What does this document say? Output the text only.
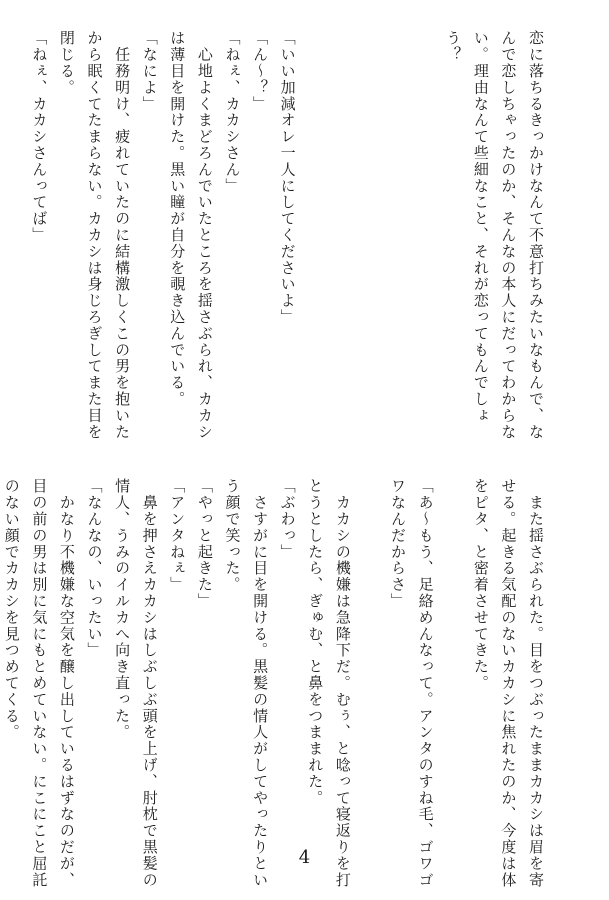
恋に落ちるきっかけなんて不意打ちみたいなもんで、な
んで恋しちゃったのか、そんなの本人にだってわからな
い。理由なんて些細なこと、それが恋ってもんでしょ
う？
「いい加減オレ一人にしてくださいよ」
「ん〜？」
「ねぇ、カカシさん」
　心地よくまどろんでいたところを揺さぶられ、カカシ
は薄目を開けた。黒い瞳が自分を覗き込んでいる。
「なによ」
　任務明け、疲れていたのに結構激しくこの男を抱いた
から眠くてたまらない。カカシは身じろぎしてまた目を
閉じる。
「ねぇ、カカシさんってば」
　また揺さぶられた。目をつぶったままカカシは眉を寄
せる。起きる気配のないカカシに焦れたのか、今度は体
をピタ、と密着させてきた。
「あ〜もう、足絡めんなって。アンタのすね毛、ゴワゴ
ワなんだからさ」
　カカシの機嫌は急降下だ。むぅ、と唸って寝返りを打
とうとしたら、ぎゅむ、と鼻をつままれた。
「ぶわっ」
　さすがに目を開ける。黒髪の情人がしてやったりとい
う顔で笑った。
「やっと起きた」
「アンタねぇ」
　鼻を押さえカカシはしぶしぶ頭を上げ、肘枕で黒髪の
情人、うみのイルカへ向き直った。
「なんなの、いったい」
　かなり不機嫌な空気を醸し出しているはずなのだが、
目の前の男は別に気にもとめていない。にこにこと屈託
のない顔でカカシを見つめてくる。
4
